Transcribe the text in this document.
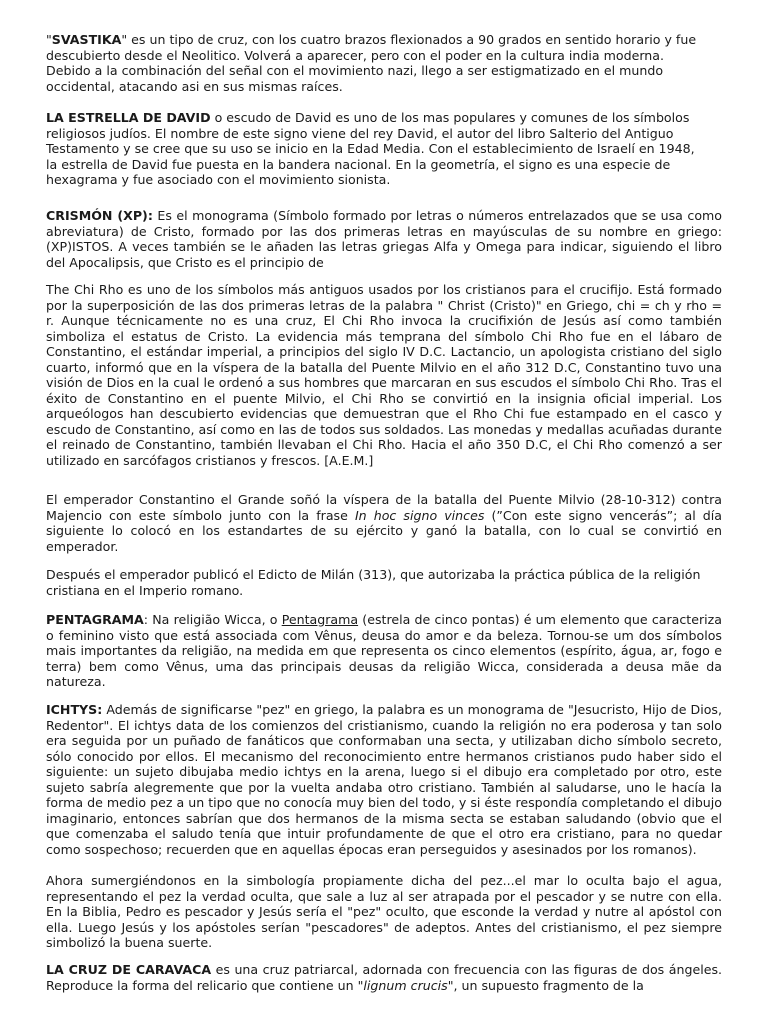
"SVASTIKA" es un tipo de cruz, con los cuatro brazos flexionados a 90 grados en sentido horario y fue
descubierto desde el Neolitico. Volverá a aparecer, pero con el poder en la cultura india moderna.
Debido a la combinación del señal con el movimiento nazi, llego a ser estigmatizado en el mundo
occidental, atacando asi en sus mismas raíces.

LA ESTRELLA DE DAVID o escudo de David es uno de los mas populares y comunes de los símbolos
religiosos judíos. El nombre de este signo viene del rey David, el autor del libro Salterio del Antiguo
Testamento y se cree que su uso se inicio en la Edad Media. Con el establecimiento de Israelí en 1948,
la estrella de David fue puesta en la bandera nacional. En la geometría, el signo es una especie de
hexagrama y fue asociado con el movimiento sionista.

CRISMÓN (XP): Es el monograma (Símbolo formado por letras o números entrelazados que se usa como abreviatura) de Cristo, formado por las dos primeras letras en mayúsculas de su nombre en griego: (XP)ISTOS. A veces también se le añaden las letras griegas Alfa y Omega para indicar, siguiendo el libro del Apocalipsis, que Cristo es el principio de

The Chi Rho es uno de los símbolos más antiguos usados por los cristianos para el crucifijo. Está formado por la superposición de las dos primeras letras de la palabra " Christ (Cristo)" en Griego, chi = ch y rho = r. Aunque técnicamente no es una cruz, El Chi Rho invoca la crucifixión de Jesús así como también simboliza el estatus de Cristo. La evidencia más temprana del símbolo Chi Rho fue en el lábaro de Constantino, el estándar imperial, a principios del siglo IV D.C. Lactancio, un apologista cristiano del siglo cuarto, informó que en la víspera de la batalla del Puente Milvio en el año 312 D.C, Constantino tuvo una visión de Dios en la cual le ordenó a sus hombres que marcaran en sus escudos el símbolo Chi Rho. Tras el éxito de Constantino en el puente Milvio, el Chi Rho se convirtió en la insignia oficial imperial. Los arqueólogos han descubierto evidencias que demuestran que el Rho Chi fue estampado en el casco y escudo de Constantino, así como en las de todos sus soldados. Las monedas y medallas acuñadas durante el reinado de Constantino, también llevaban el Chi Rho. Hacia el año 350 D.C, el Chi Rho comenzó a ser utilizado en sarcófagos cristianos y frescos. [A.E.M.]

El emperador Constantino el Grande soñó la víspera de la batalla del Puente Milvio (28-10-312) contra Majencio con este símbolo junto con la frase In hoc signo vinces (”Con este signo vencerás”; al día siguiente lo colocó en los estandartes de su ejército y ganó la batalla, con lo cual se convirtió en emperador.

Después el emperador publicó el Edicto de Milán (313), que autorizaba la práctica pública de la religión
cristiana en el Imperio romano.

PENTAGRAMA: Na religião Wicca, o Pentagrama (estrela de cinco pontas) é um elemento que caracteriza o feminino visto que está associada com Vênus, deusa do amor e da beleza. Tornou-se um dos símbolos mais importantes da religião, na medida em que representa os cinco elementos (espírito, água, ar, fogo e terra) bem como Vênus, uma das principais deusas da religião Wicca, considerada a deusa mãe da natureza.

ICHTYS: Además de significarse "pez" en griego, la palabra es un monograma de "Jesucristo, Hijo de Dios, Redentor". El ichtys data de los comienzos del cristianismo, cuando la religión no era poderosa y tan solo era seguida por un puñado de fanáticos que conformaban una secta, y utilizaban dicho símbolo secreto, sólo conocido por ellos. El mecanismo del reconocimiento entre hermanos cristianos pudo haber sido el siguiente: un sujeto dibujaba medio ichtys en la arena, luego si el dibujo era completado por otro, este sujeto sabría alegremente que por la vuelta andaba otro cristiano. También al saludarse, uno le hacía la forma de medio pez a un tipo que no conocía muy bien del todo, y si éste respondía completando el dibujo imaginario, entonces sabrían que dos hermanos de la misma secta se estaban saludando (obvio que el que comenzaba el saludo tenía que intuir profundamente de que el otro era cristiano, para no quedar como sospechoso; recuerden que en aquellas épocas eran perseguidos y asesinados por los romanos).

Ahora sumergiéndonos en la simbología propiamente dicha del pez...el mar lo oculta bajo el agua, representando el pez la verdad oculta, que sale a luz al ser atrapada por el pescador y se nutre con ella. En la Biblia, Pedro es pescador y Jesús sería el "pez" oculto, que esconde la verdad y nutre al apóstol con ella. Luego Jesús y los apóstoles serían "pescadores" de adeptos. Antes del cristianismo, el pez siempre simbolizó la buena suerte.

LA CRUZ DE CARAVACA es una cruz patriarcal, adornada con frecuencia con las figuras de dos ángeles. Reproduce la forma del relicario que contiene un "lignum crucis", un supuesto fragmento de la
